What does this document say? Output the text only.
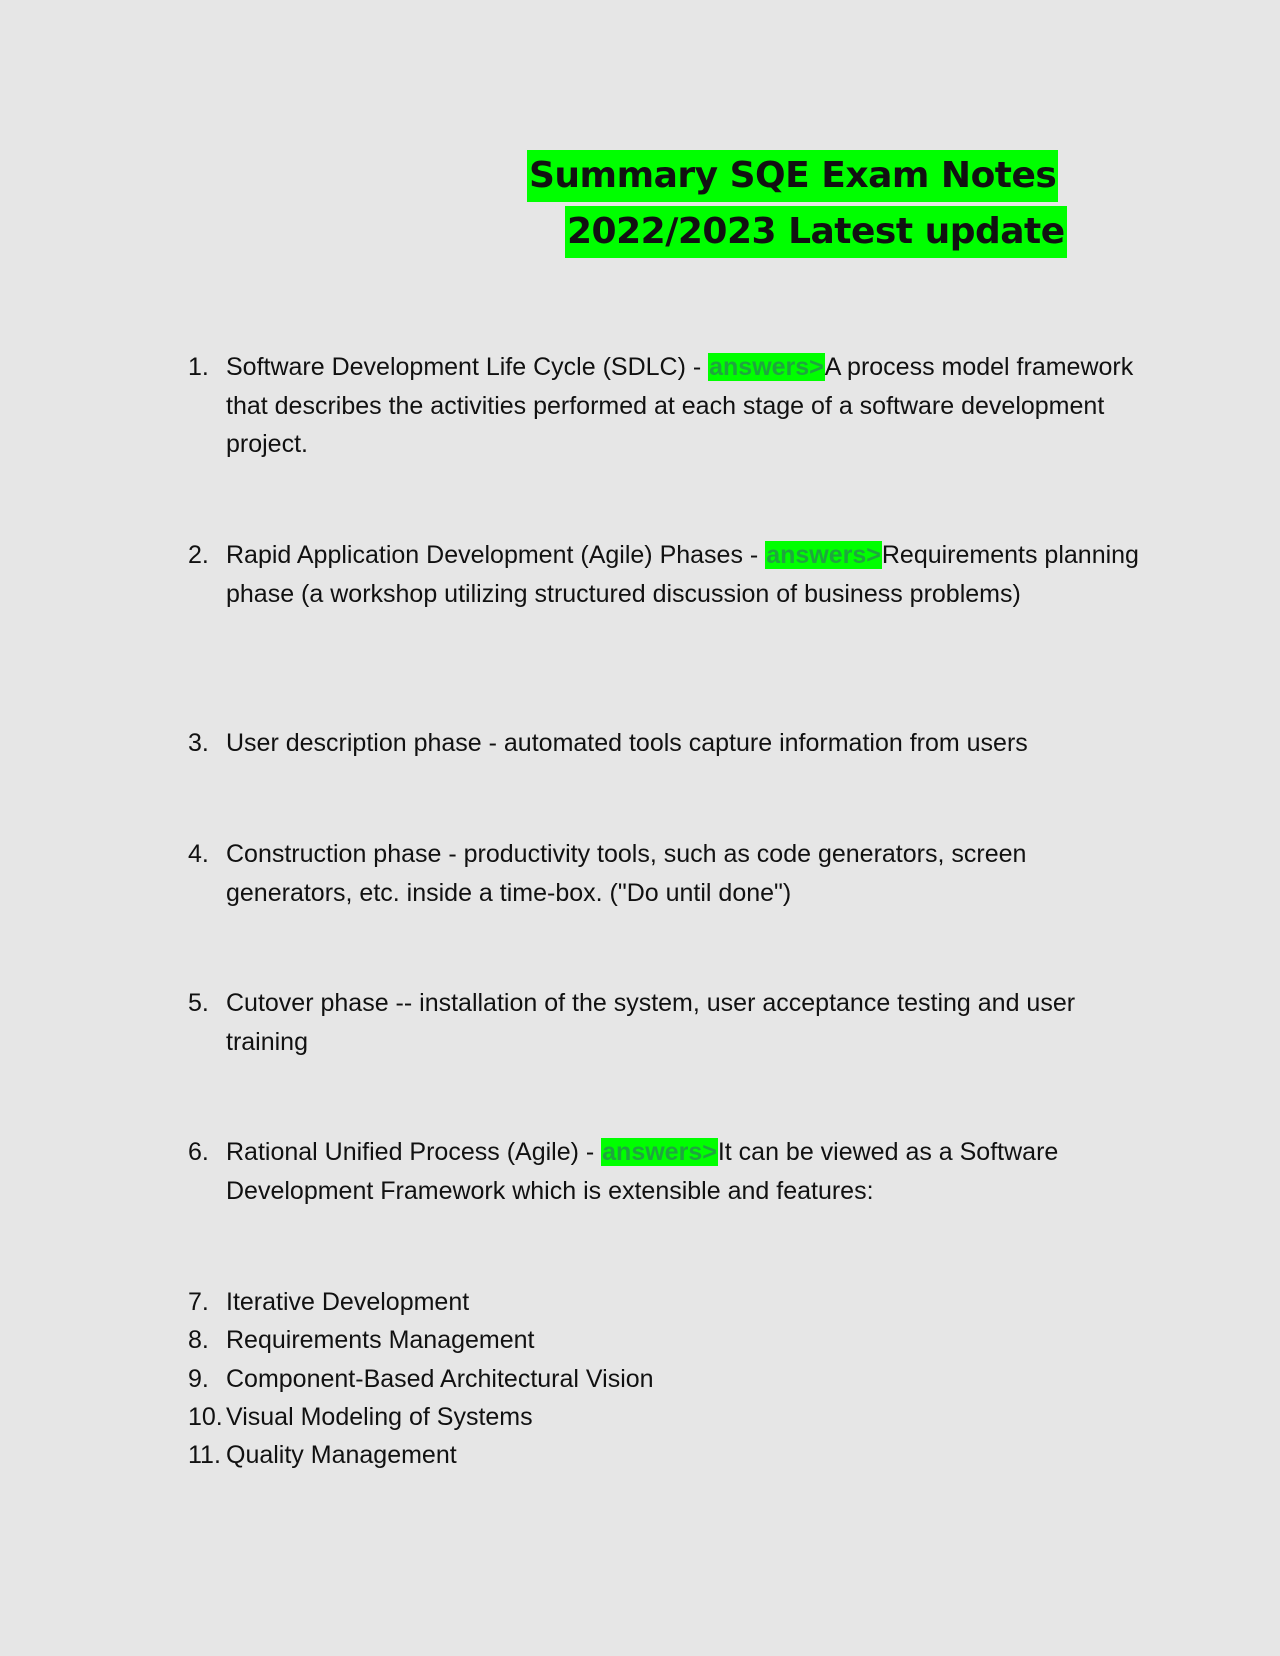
Summary SQE Exam Notes
2022/2023 Latest update
1. Software Development Life Cycle (SDLC) - answers>A process model framework that describes the activities performed at each stage of a software development project.
2. Rapid Application Development (Agile) Phases - answers>Requirements planning phase (a workshop utilizing structured discussion of business problems)
3. User description phase - automated tools capture information from users
4. Construction phase - productivity tools, such as code generators, screen generators, etc. inside a time-box. ("Do until done")
5. Cutover phase -- installation of the system, user acceptance testing and user training
6. Rational Unified Process (Agile) - answers>It can be viewed as a Software Development Framework which is extensible and features:
7. Iterative Development
8. Requirements Management
9. Component-Based Architectural Vision
10. Visual Modeling of Systems
11. Quality Management
